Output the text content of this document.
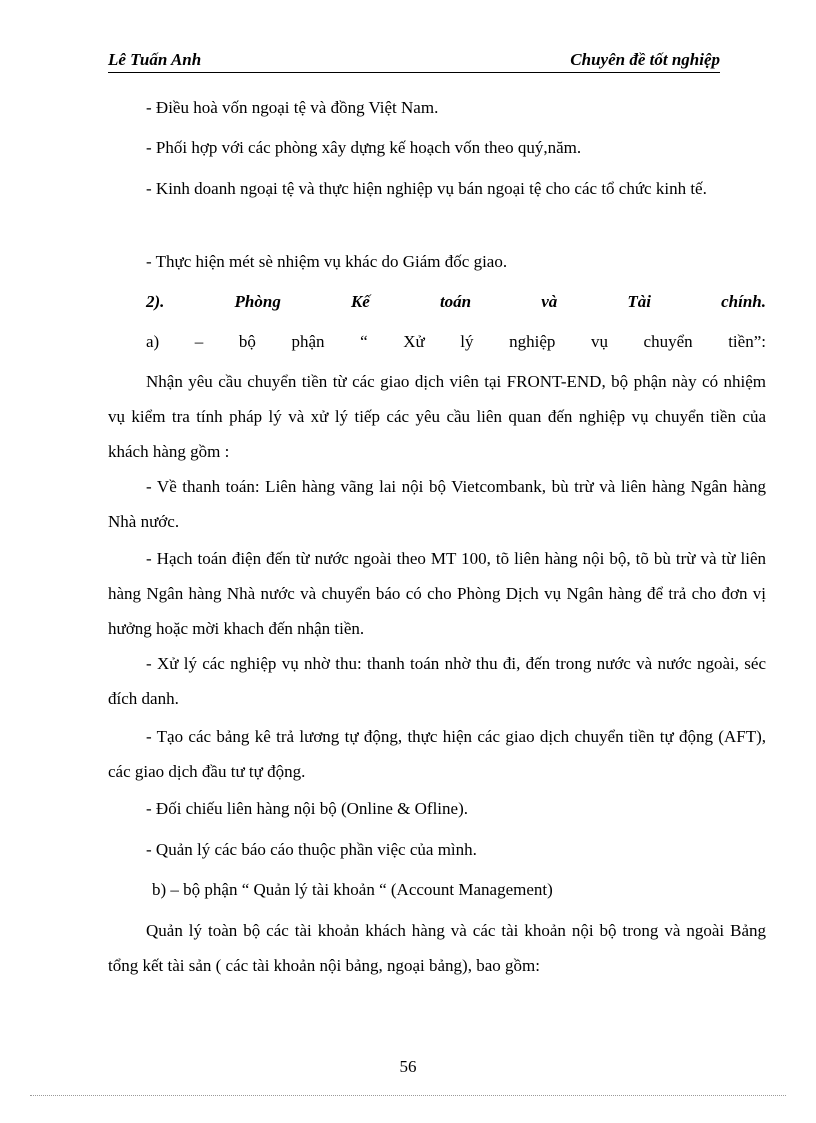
Lê Tuấn Anh	Chuyên đề tốt nghiệp

- Điều hoà vốn ngoại tệ và đồng Việt Nam.

- Phối hợp với các phòng xây dựng kế hoạch vốn theo quý,năm.

- Kinh doanh ngoại tệ và thực hiện nghiệp vụ bán ngoại tệ cho các tổ chức kinh tế.

- Thực hiện mét sè nhiệm vụ khác do Giám đốc giao.

2).	Phòng	Kế	toán	và	Tài	chính.
a) – bộ phận “ Xử lý nghiệp vụ chuyển tiền”:

Nhận yêu cầu chuyển tiền từ các giao dịch viên tại FRONT-END, bộ phận này có nhiệm vụ kiểm tra tính pháp lý và xử lý tiếp các yêu cầu liên quan đến nghiệp vụ chuyển tiền của khách hàng gồm :

- Về thanh toán: Liên hàng vãng lai nội bộ Vietcombank, bù trừ và liên hàng Ngân hàng Nhà nước.

- Hạch toán điện đến từ nước ngoài theo MT 100, tõ liên hàng nội bộ, tõ bù trừ và từ liên hàng Ngân hàng Nhà nước và chuyển báo có cho Phòng Dịch vụ Ngân hàng để trả cho đơn vị hưởng hoặc mời khach đến nhận tiền.

- Xử lý các nghiệp vụ nhờ thu: thanh toán nhờ thu đi, đến trong nước và nước ngoài, séc đích danh.

- Tạo các bảng kê trả lương tự động, thực hiện các giao dịch chuyển tiền tự động (AFT), các giao dịch đầu tư tự động.

- Đối chiếu liên hàng nội bộ (Online & Ofline).

- Quản lý các báo cáo thuộc phần việc của mình.

b) – bộ phận “ Quản lý tài khoản “ (Account Management)

Quản lý toàn bộ các tài khoản khách hàng và các tài khoản nội bộ trong và ngoài Bảng tổng kết tài sản ( các tài khoản nội bảng, ngoại bảng), bao gồm:

56
